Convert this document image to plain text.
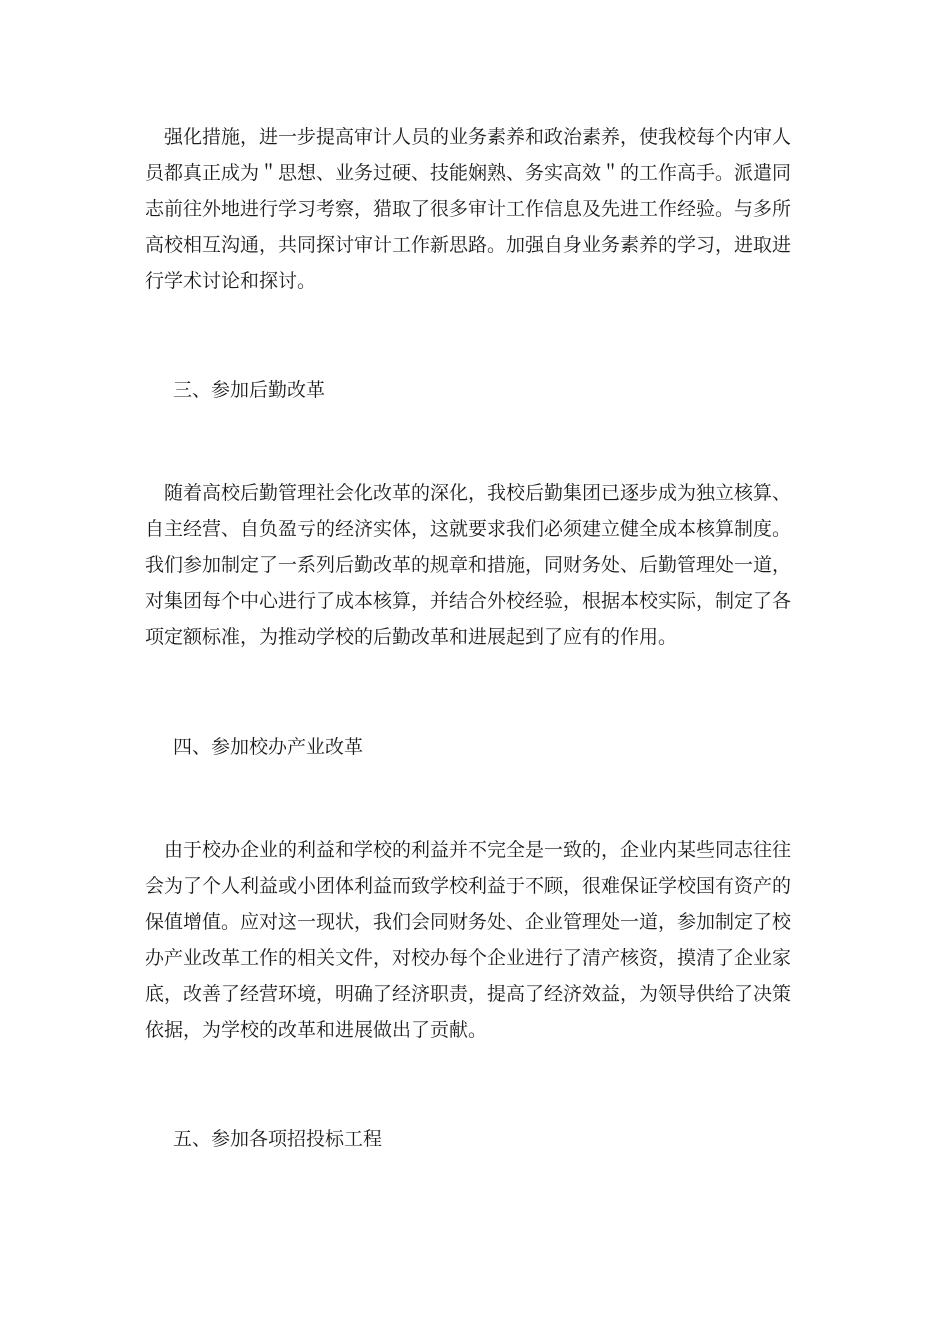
　强化措施，进一步提高审计人员的业务素养和政治素养，使我校每个内审人
员都真正成为＂思想、业务过硬、技能娴熟、务实高效＂的工作高手。派遣同
志前往外地进行学习考察，猎取了很多审计工作信息及先进工作经验。与多所
高校相互沟通，共同探讨审计工作新思路。加强自身业务素养的学习，进取进
行学术讨论和探讨。
三、参加后勤改革
　随着高校后勤管理社会化改革的深化，我校后勤集团已逐步成为独立核算、
自主经营、自负盈亏的经济实体，这就要求我们必须建立健全成本核算制度。
我们参加制定了一系列后勤改革的规章和措施，同财务处、后勤管理处一道，
对集团每个中心进行了成本核算，并结合外校经验，根据本校实际，制定了各
项定额标准，为推动学校的后勤改革和进展起到了应有的作用。
四、参加校办产业改革
　由于校办企业的利益和学校的利益并不完全是一致的，企业内某些同志往往
会为了个人利益或小团体利益而致学校利益于不顾，很难保证学校国有资产的
保值增值。应对这一现状，我们会同财务处、企业管理处一道，参加制定了校
办产业改革工作的相关文件，对校办每个企业进行了清产核资，摸清了企业家
底，改善了经营环境，明确了经济职责，提高了经济效益，为领导供给了决策
依据，为学校的改革和进展做出了贡献。
五、参加各项招投标工程
